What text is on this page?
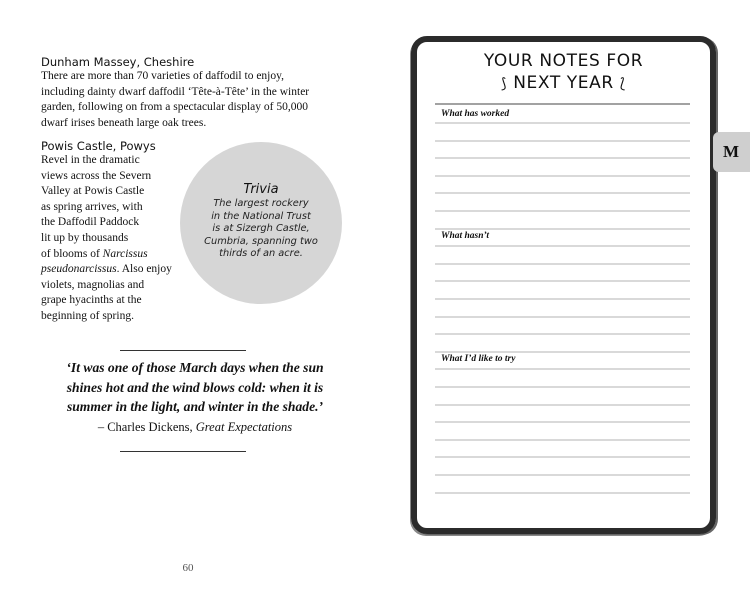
Dunham Massey, Cheshire
There are more than 70 varieties of daffodil to enjoy,
including dainty dwarf daffodil ‘Tête-à-Tête’ in the winter
garden, following on from a spectacular display of 50,000
dwarf irises beneath large oak trees.
Powis Castle, Powys
Revel in the dramatic
views across the Severn
Valley at Powis Castle
as spring arrives, with
the Daffodil Paddock
lit up by thousands
of blooms of Narcissus
pseudonarcissus. Also enjoy
violets, magnolias and
grape hyacinths at the
beginning of spring.
Trivia
The largest rockery
in the National Trust
is at Sizergh Castle,
Cumbria, spanning two
thirds of an acre.
‘It was one of those March days when the sun
shines hot and the wind blows cold: when it is
summer in the light, and winter in the shade.’
– Charles Dickens, Great Expectations
60
YOUR NOTES FOR
⟆ NEXT YEAR ⟅
What has worked
What hasn’t
What I’d like to try
M
